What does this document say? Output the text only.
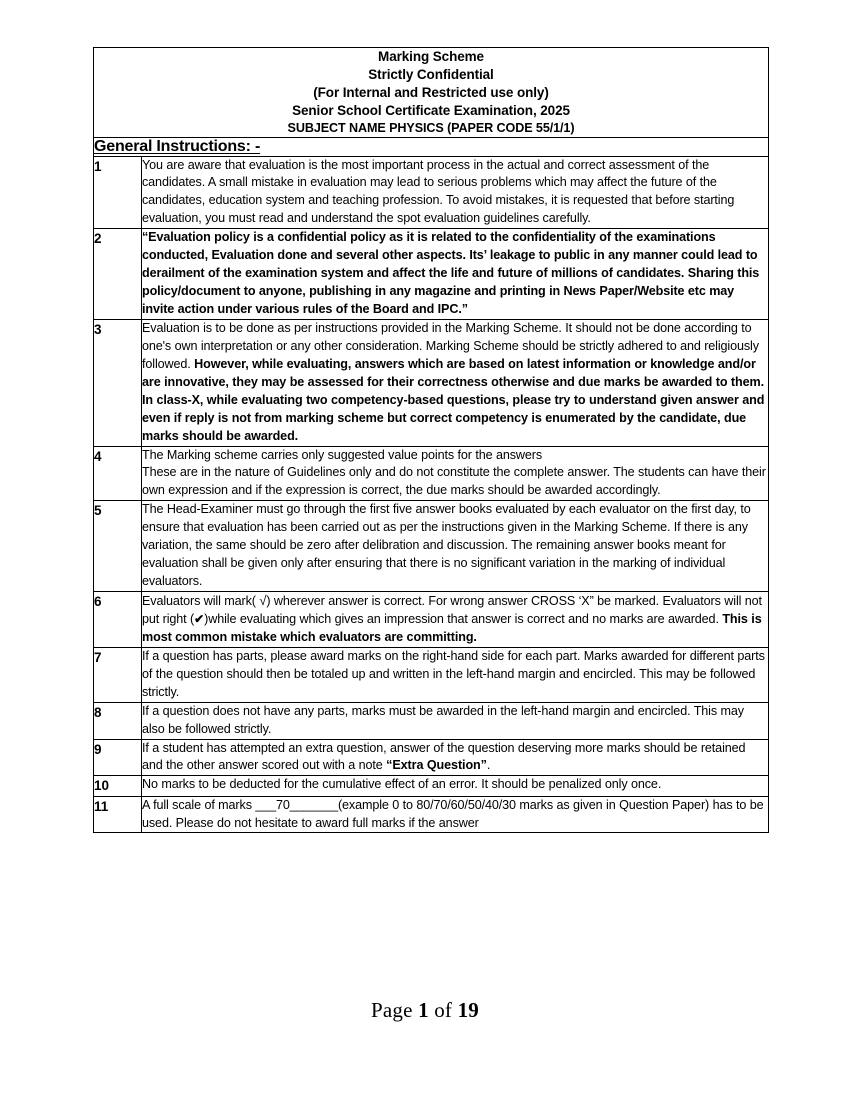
Marking Scheme
Strictly Confidential
(For Internal and Restricted use only)
Senior School Certificate Examination, 2025
SUBJECT NAME PHYSICS (PAPER CODE 55/1/1)	

General Instructions: -	
1	You are aware that evaluation is the most important process in the actual and correct assessment of the candidates. A small mistake in evaluation may lead to serious problems which may affect the future of the candidates, education system and teaching profession. To avoid mistakes, it is requested that before starting evaluation, you must read and understand the spot evaluation guidelines carefully.
2	“Evaluation policy is a confidential policy as it is related to the confidentiality of the examinations conducted, Evaluation done and several other aspects. Its’ leakage to public in any manner could lead to derailment of the examination system and affect the life and future of millions of candidates. Sharing this policy/document to anyone, publishing in any magazine and printing in News Paper/Website etc may invite action under various rules of the Board and IPC.”
3	Evaluation is to be done as per instructions provided in the Marking Scheme. It should not be done according to one's own interpretation or any other consideration. Marking Scheme should be strictly adhered to and religiously followed. However, while evaluating, answers which are based on latest information or knowledge and/or are innovative, they may be assessed for their correctness otherwise and due marks be awarded to them. In class-X, while evaluating two competency-based questions, please try to understand given answer and even if reply is not from marking scheme but correct competency is enumerated by the candidate, due marks should be awarded.
4	The Marking scheme carries only suggested value points for the answers
These are in the nature of Guidelines only and do not constitute the complete answer. The students can have their own expression and if the expression is correct, the due marks should be awarded accordingly.
5	The Head-Examiner must go through the first five answer books evaluated by each evaluator on the first day, to ensure that evaluation has been carried out as per the instructions given in the Marking Scheme. If there is any variation, the same should be zero after delibration and discussion. The remaining answer books meant for evaluation shall be given only after ensuring that there is no significant variation in the marking of individual evaluators.
6	Evaluators will mark( √) wherever answer is correct. For wrong answer CROSS ‘X” be marked. Evaluators will not put right (✔)while evaluating which gives an impression that answer is correct and no marks are awarded. This is most common mistake which evaluators are committing.
7	If a question has parts, please award marks on the right-hand side for each part. Marks awarded for different parts of the question should then be totaled up and written in the left-hand margin and encircled. This may be followed strictly.
8	If a question does not have any parts, marks must be awarded in the left-hand margin and encircled. This may also be followed strictly.
9	If a student has attempted an extra question, answer of the question deserving more marks should be retained and the other answer scored out with a note “Extra Question”.
10	No marks to be deducted for the cumulative effect of an error. It should be penalized only once.
11	A full scale of marks ___70_______(example 0 to 80/70/60/50/40/30 marks as given in Question Paper) has to be used. Please do not hesitate to award full marks if the answer
Page 1 of 19
